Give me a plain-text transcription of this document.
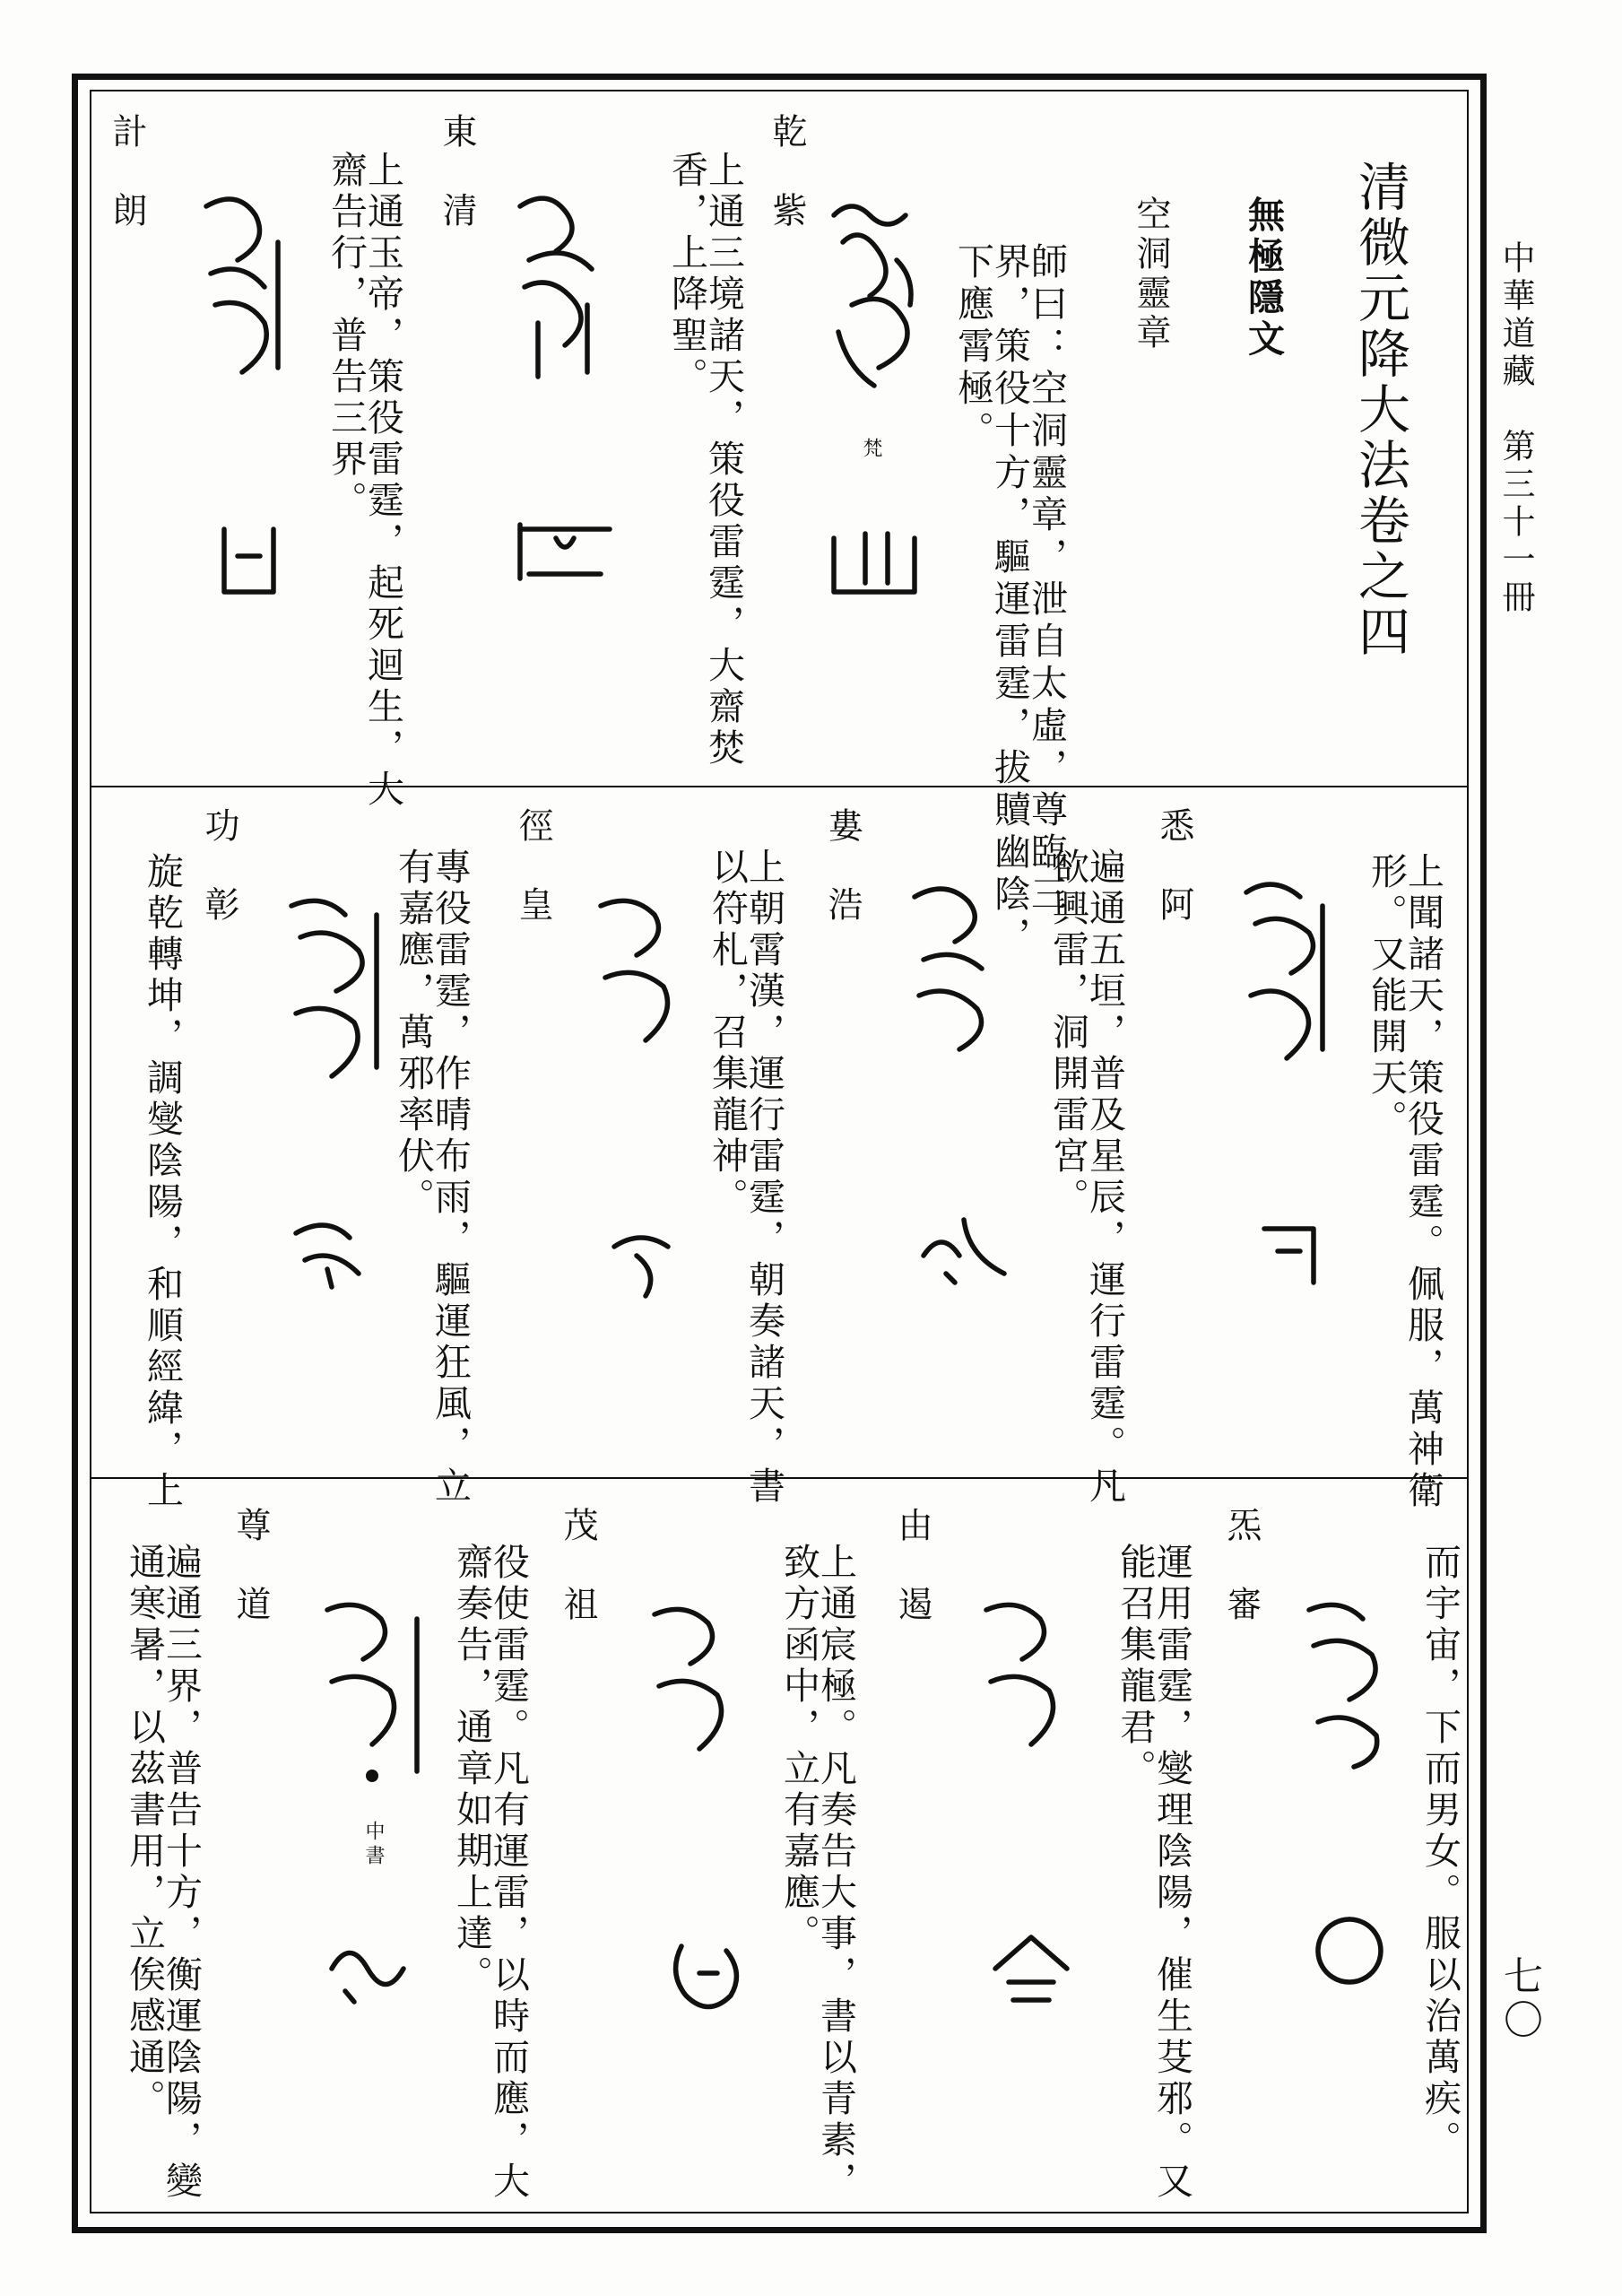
中華道藏　第三十一冊
七〇
清微元降大法卷之四
無極隱文
空洞靈章
師曰：空洞靈章，泄自太虛，尊臨三
界，策役十方，驅運雷霆，拔贖幽陰，
下應霄極。
乾　紫
梵
上通三境諸天，策役雷霆，大齋焚
香，上降聖。
東　清
上通玉帝，策役雷霆，起死迴生，大
齋告行，普告三界。
計　朗
上聞諸天，策役雷霆。佩服，萬神衛
形。又能開天。
悉　阿
遍通五垣，普及星辰，運行雷霆。凡
欲興雷，洞開雷宮。
婁　浩
上朝霄漢，運行雷霆，朝奏諸天，書
以符札，召集龍神。
徑　皇
專役雷霆，作晴布雨，驅運狂風，立
有嘉應，萬邪率伏。
功　彰
旋乾轉坤，調燮陰陽，和順經緯，上
而宇宙，下而男女。服以治萬疾。
炁　審
運用雷霆，燮理陰陽，催生芟邪。又
能召集龍君。
由　遏
上通宸極。凡奏告大事，書以青素，
致方函中，立有嘉應。
茂　祖
役使雷霆。凡有運雷，以時而應，大
齋奏告，通章如期上達。
尊　道
中書
遍通三界，普告十方，衡運陰陽，變
通寒暑，以茲書用，立俟感通。
